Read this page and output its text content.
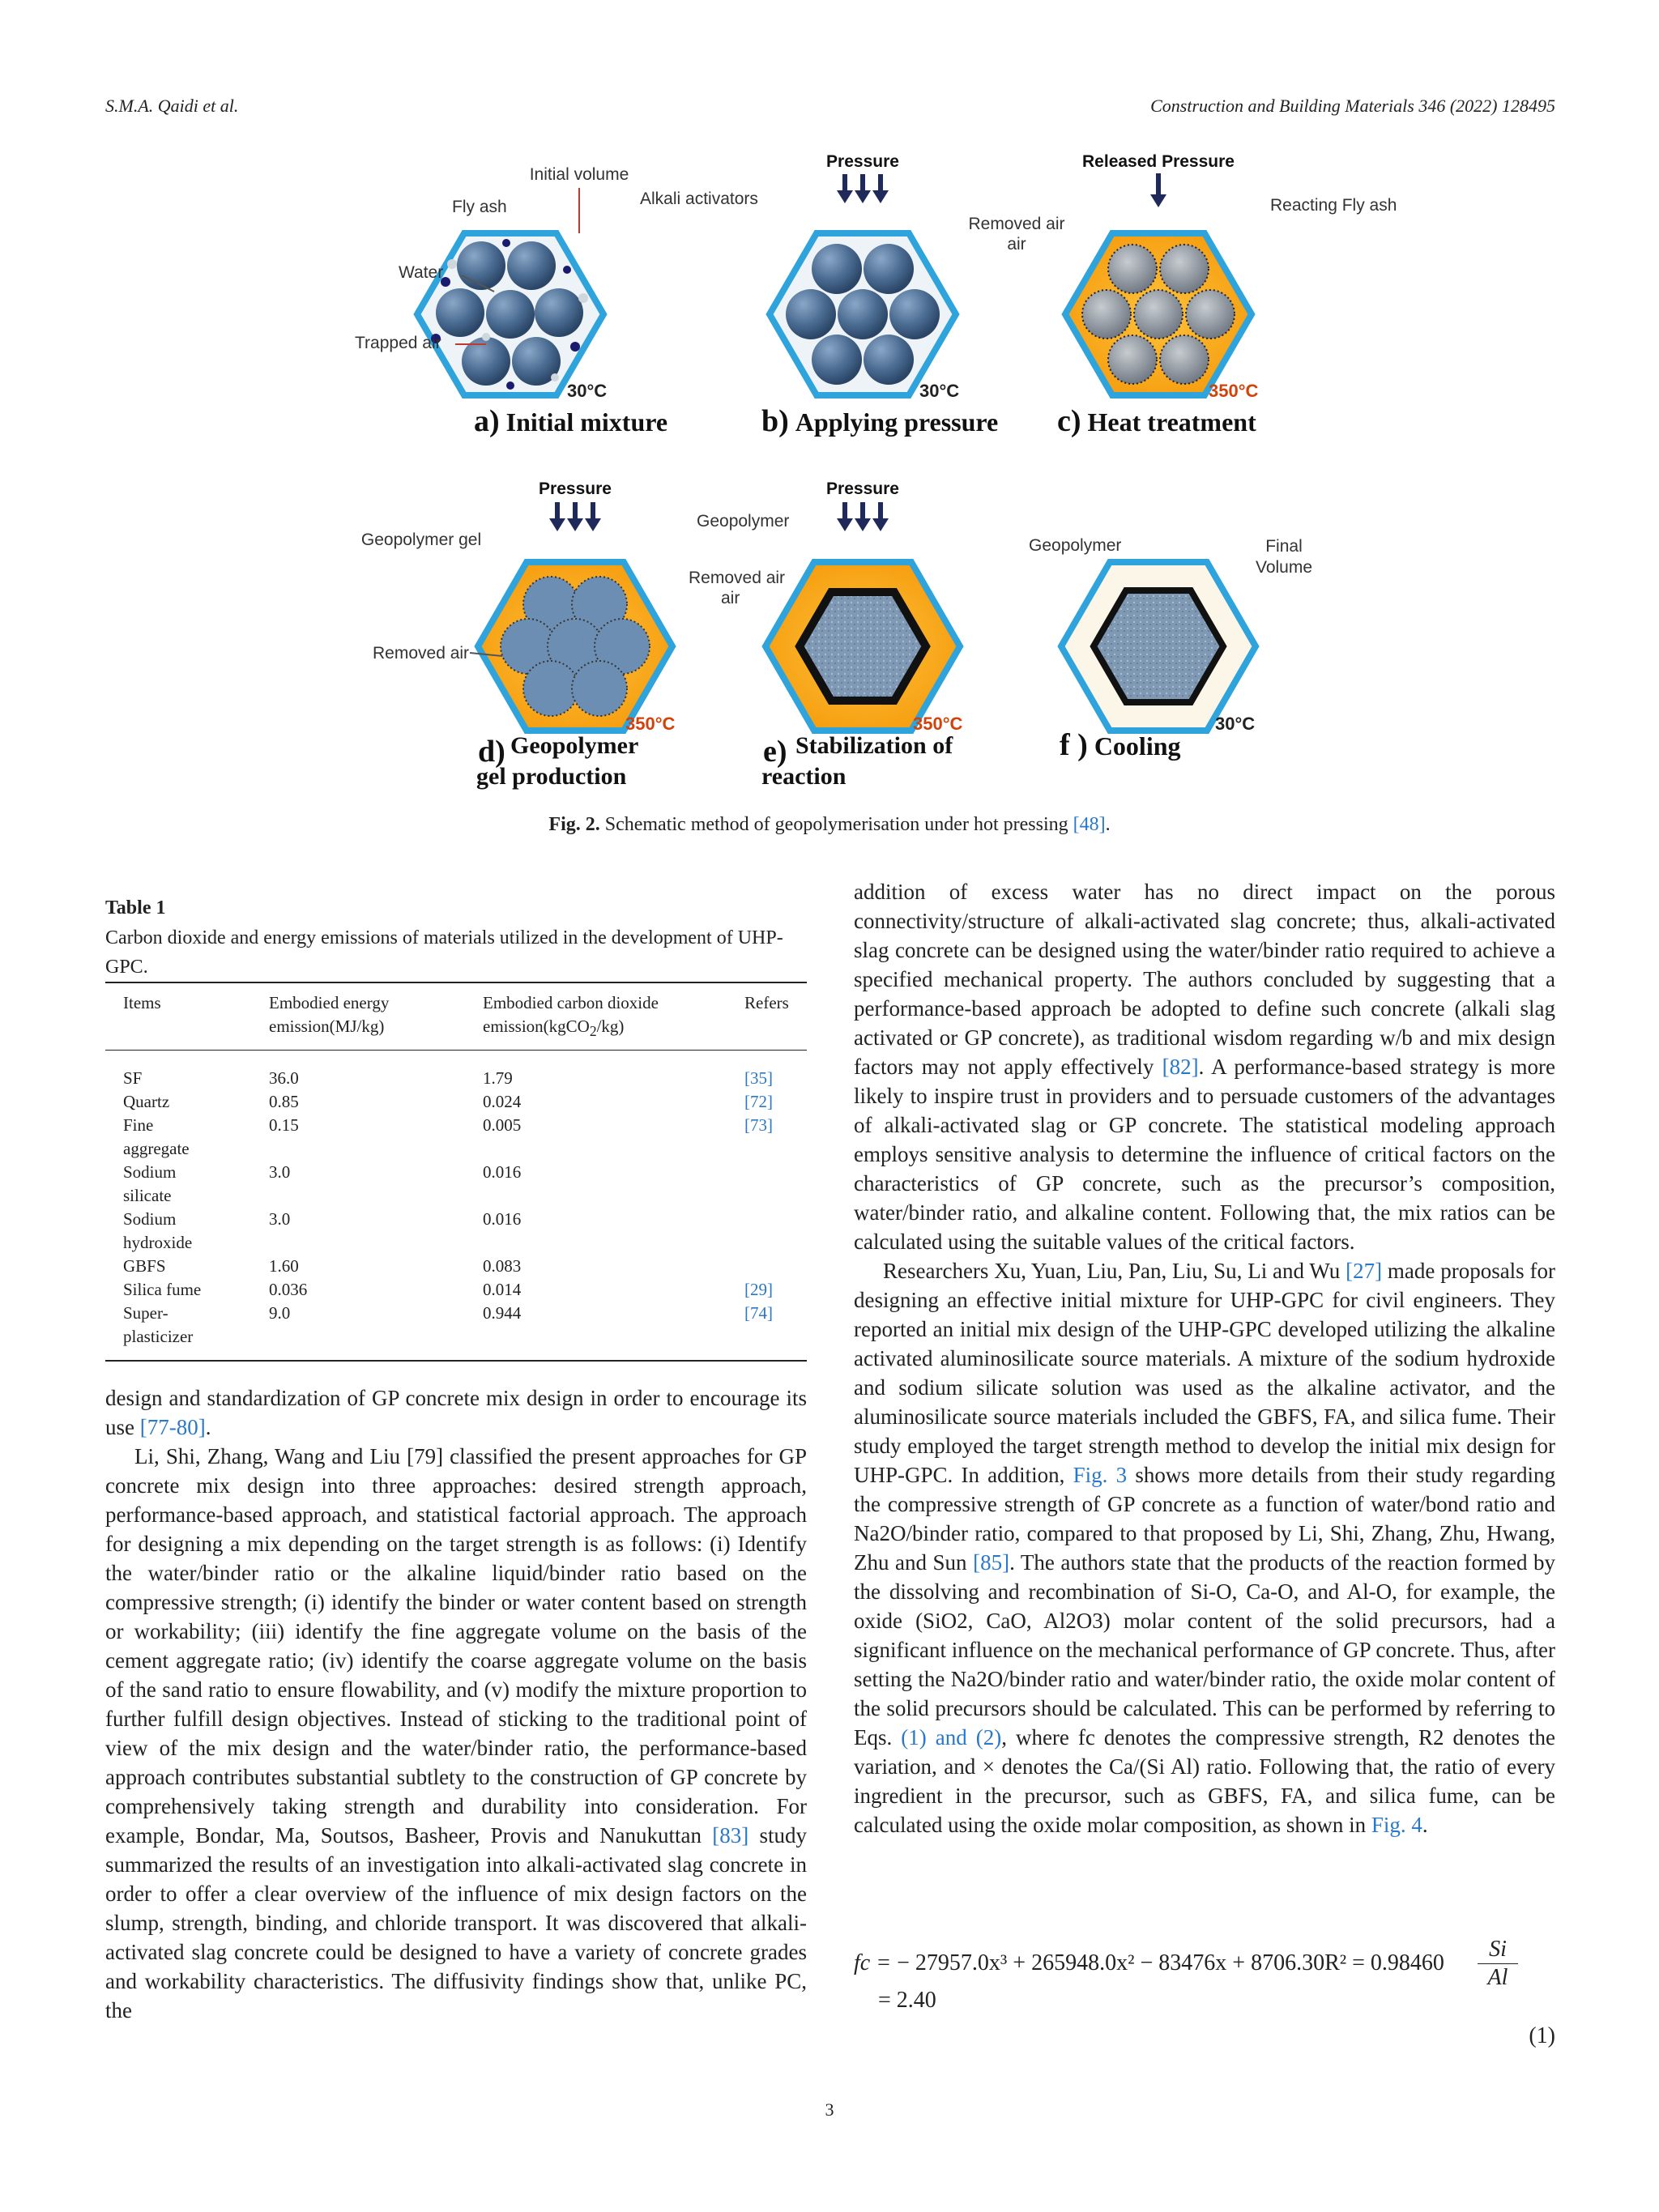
S.M.A. Qaidi et al.	Construction and Building Materials 346 (2022) 128495
30°C
Initial volume
Fly ash	Alkali activators
Water
Trapped air
a) Initial mixture
Pressure
30°C
Removed air
air
b) Applying pressure
Released Pressure
350°C
Reacting Fly ash
c) Heat treatment
Pressure
350°C
Geopolymer gel
Removed air
d) Geopolymer gel production
Pressure
350°C
Geopolymer
Removed air
air
e) Stabilization of reaction
30°C
Geopolymer	Final Volume
f ) Cooling
Fig. 2. Schematic method of geopolymerisation under hot pressing [48].
Table 1
Carbon dioxide and energy emissions of materials utilized in the development of UHP-GPC.
Items	Embodied energy emission(MJ/kg)	Embodied carbon dioxide emission(kgCO$_2$/kg)	Refers
SF	36.0	1.79	[35]
Quartz	0.85	0.024	[72]

Fine aggregate	0.15	0.005	[73]

Sodium silicate	3.0	0.016	

Sodium hydroxide	3.0	0.016	
GBFS	1.60	0.083	
Silica fume	0.036	0.014	[29]

Super-plasticizer	9.0	0.944	[74]

design and standardization of GP concrete mix design in order to encourage its use [77-80].

Li, Shi, Zhang, Wang and Liu [79] classified the present approaches for GP concrete mix design into three approaches: desired strength approach, performance-based approach, and statistical factorial approach. The approach for designing a mix depending on the target strength is as follows: (i) Identify the water/binder ratio or the alkaline liquid/binder ratio based on the compressive strength; (i) identify the binder or water content based on strength or workability; (iii) identify the fine aggregate volume on the basis of the cement aggregate ratio; (iv) identify the coarse aggregate volume on the basis of the sand ratio to ensure flowability, and (v) modify the mixture proportion to further fulfill design objectives. Instead of sticking to the traditional point of view of the mix design and the water/binder ratio, the performance-based approach contributes substantial subtlety to the construction of GP concrete by comprehensively taking strength and durability into consideration. For example, Bondar, Ma, Soutsos, Basheer, Provis and Nanukuttan [83] study summarized the results of an investigation into alkali-activated slag concrete in order to offer a clear overview of the influence of mix design factors on the slump, strength, binding, and chloride transport. It was discovered that alkali-activated slag concrete could be designed to have a variety of concrete grades and workability characteristics. The diffusivity findings show that, unlike PC, the

addition of excess water has no direct impact on the porous connectivity/structure of alkali-activated slag concrete; thus, alkali-activated slag concrete can be designed using the water/binder ratio required to achieve a specified mechanical property. The authors concluded by suggesting that a performance-based approach be adopted to define such concrete (alkali slag activated or GP concrete), as traditional wisdom regarding w/b and mix design factors may not apply effectively [82]. A performance-based strategy is more likely to inspire trust in providers and to persuade customers of the advantages of alkali-activated slag or GP concrete. The statistical modeling approach employs sensitive analysis to determine the influence of critical factors on the characteristics of GP concrete, such as the precursor’s composition, water/binder ratio, and alkaline content. Following that, the mix ratios can be calculated using the suitable values of the critical factors.

Researchers Xu, Yuan, Liu, Pan, Liu, Su, Li and Wu [27] made proposals for designing an effective initial mixture for UHP-GPC for civil engineers. They reported an initial mix design of the UHP-GPC developed utilizing the alkaline activated aluminosilicate source materials. A mixture of the sodium hydroxide and sodium silicate solution was used as the alkaline activator, and the aluminosilicate source materials included the GBFS, FA, and silica fume. Their study employed the target strength method to develop the initial mix design for UHP-GPC. In addition, Fig. 3 shows more details from their study regarding the compressive strength of GP concrete as a function of water/bond ratio and Na2O/binder ratio, compared to that proposed by Li, Shi, Zhang, Zhu, Hwang, Zhu and Sun [85]. The authors state that the products of the reaction formed by the dissolving and recombination of Si-O, Ca-O, and Al-O, for example, the oxide (SiO2, CaO, Al2O3) molar content of the solid precursors, had a significant influence on the mechanical performance of GP concrete. Thus, after setting the Na2O/binder ratio and water/binder ratio, the oxide molar content of the solid precursors should be calculated. This can be performed by referring to Eqs. (1) and (2), where fc denotes the compressive strength, R2 denotes the variation, and × denotes the Ca/(Si Al) ratio. Following that, the ratio of every ingredient in the precursor, such as GBFS, FA, and silica fume, can be calculated using the oxide molar composition, as shown in Fig. 4.

fc = − 27957.0x³ + 265948.0x² − 83476x + 8706.30R² = 0.98460
Si
Al
= 2.40
(1)
3
